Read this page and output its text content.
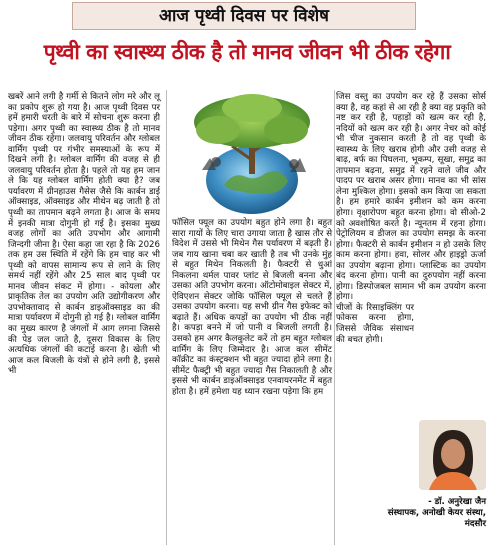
आज पृथ्वी दिवस पर विशेष
पृथ्वी का स्वास्थ्य ठीक है तो मानव जीवन भी ठीक रहेगा

खबरें आने लगी है गर्मी से कितने लोग मरे और लू का प्रकोप शुरू हो गया है। आज पृथ्वी दिवस पर हमें हमारी धरती के बारे में सोचना शुरू करना ही पड़ेगा। अगर पृथ्वी का स्वास्थ्य ठीक है तो मानव जीवन ठीक रहेगा। जलवायु परिवर्तन और ग्लोबल वार्मिंग पृथ्वी पर गंभीर समस्याओं के रूप में दिखने लगी है। ग्लोबल वार्मिंग की वजह से ही जलवायु परिवर्तन होता है। पहले तो यह हम जान ले कि यह ग्लोबल वार्मिंग होती क्या है? जब पर्यावरण में ग्रीनहाउस गैसेस जैसे कि कार्बन डाई ऑक्साइड, ऑक्साइड और मीथेन बढ़ जाती है तो पृथ्वी का तापमान बढ़ने लगता है। आज के समय में इनकी मात्रा दोगुनी हो गई है। इसका मुख्य वजह लोगों का अति उपभोग और आगामी जिन्दगी जीना है। ऐसा कहा जा रहा है कि 2026 तक हम उस स्थिति में रहेंगे कि हम चाह कर भी पृथ्वी को वापस सामान्य रूप से लाने के लिए समर्थ नहीं रहेंगे और 25 साल बाद पृथ्वी पर मानव जीवन संकट में होगा। - कोयला और प्राकृतिक तेल का उपयोग अति उद्योगीकरण और उपभोक्तावाद से कार्बन डाइऑक्साइड का की मात्रा पर्यावरण में दोगुनी हो गई है। ग्लोबल वार्मिंग का मुख्य कारण है जंगलों में आग लगना जिससे की पेड़ जल जाते है, दूसरा विकास के लिए अत्यधिक जंगलों की कटाई करना है। खेती भी आज कल बिजली के यंत्रों से होने लगी है, इससे भी

फॉसिल फ्यूल का उपयोग बहुत होने लगा है। बहुत सारा गायों के लिए चारा उगाया जाता है खास तौर से विदेश में उससे भी मिथेन गैस पर्यावरण में बढ़ती है। जब गाय खाना चबा कर खाती है तब भी उनके मुंह से बहुत मिथेन निकलती है। फैक्टरी से धुआं निकलना थर्मल पावर प्लांट से बिजली बनना और उसका अति उपभोग करना। ऑटोमोबाइल सेक्टर में, ऐविएशन सेक्टर जोकि फॉसिल फ्यूल से चलते हैं उसका उपयोग करना। यह सभी ग्रीन गैस इफेक्ट को बढ़ाते हैं। अधिक कपड़ों का उपयोग भी ठीक नहीं है। कपड़ा बनने में जो पानी व बिजली लगती है। उसको हम अगर कैलकुलेट करें तो हम बहुत ग्लोबल वार्मिंग के लिए जिम्मेदार है। आज कल सीमेंट कॉक्रीट का कंस्ट्रक्शन भी बहुत ज्यादा होने लगा है। सीमेंट फैक्ट्री भी बहुत ज्यादा गैस निकालती है और इससे भी कार्बन डाइऑक्साइड एनवायरनमेंट में बहुत होता है। हमें हमेशा यह ध्यान रखना पड़ेगा कि हम

जिस वस्तु का उपयोग कर रहे हैं उसका सोर्स क्या है, वह कहां से आ रही है क्या वह प्रकृति को नष्ट कर रही है, पहाड़ों को खत्म कर रही है, नदियों को खत्म कर रही है। अगर नेचर को कोई भी चीज नुकसान करती है तो वह पृथ्वी के स्वास्थ्य के लिए खराब होगी और उसी वजह से बाढ़, बर्फ का पिघलना, भूकम्प, सूखा, समुद्र का तापमान बढ़ना, समुद्र में रहने वाले जीव और पादप पर खराब असर होगा। मानव का भी सांस लेना मुश्किल होगा। इसको कम किया जा सकता है। हम हमारे कार्बन इमीशन को कम करना होगा। वृक्षारोपण बहुत करना होगा। वो सीओ-2 को अवशोषित करते है। न्यूनतम में रहना होगा। पेट्रोलियम व डीजल का उपयोग समझ के करना होगा। फैक्टरी से कार्बन इमीशन न हो उसके लिए काम करना होगा। हवा, सोलर और हाइड्रो ऊर्जा का उपयोग बढ़ाना होगा। प्लास्टिक का उपयोग बंद करना होगा। पानी का दुरुपयोग नहीं करना होगा। डिस्पोजबल सामान भी कम उपयोग करना होगा।

चीजों के रिसाइक्लिंग पर फोकस करना होगा, जिससे जैविक संसाधन की बचत होगी।

- डॉ. अनुरेखा जैन
संस्थापक, अनोखी केयर संस्था,
मंदसौर
